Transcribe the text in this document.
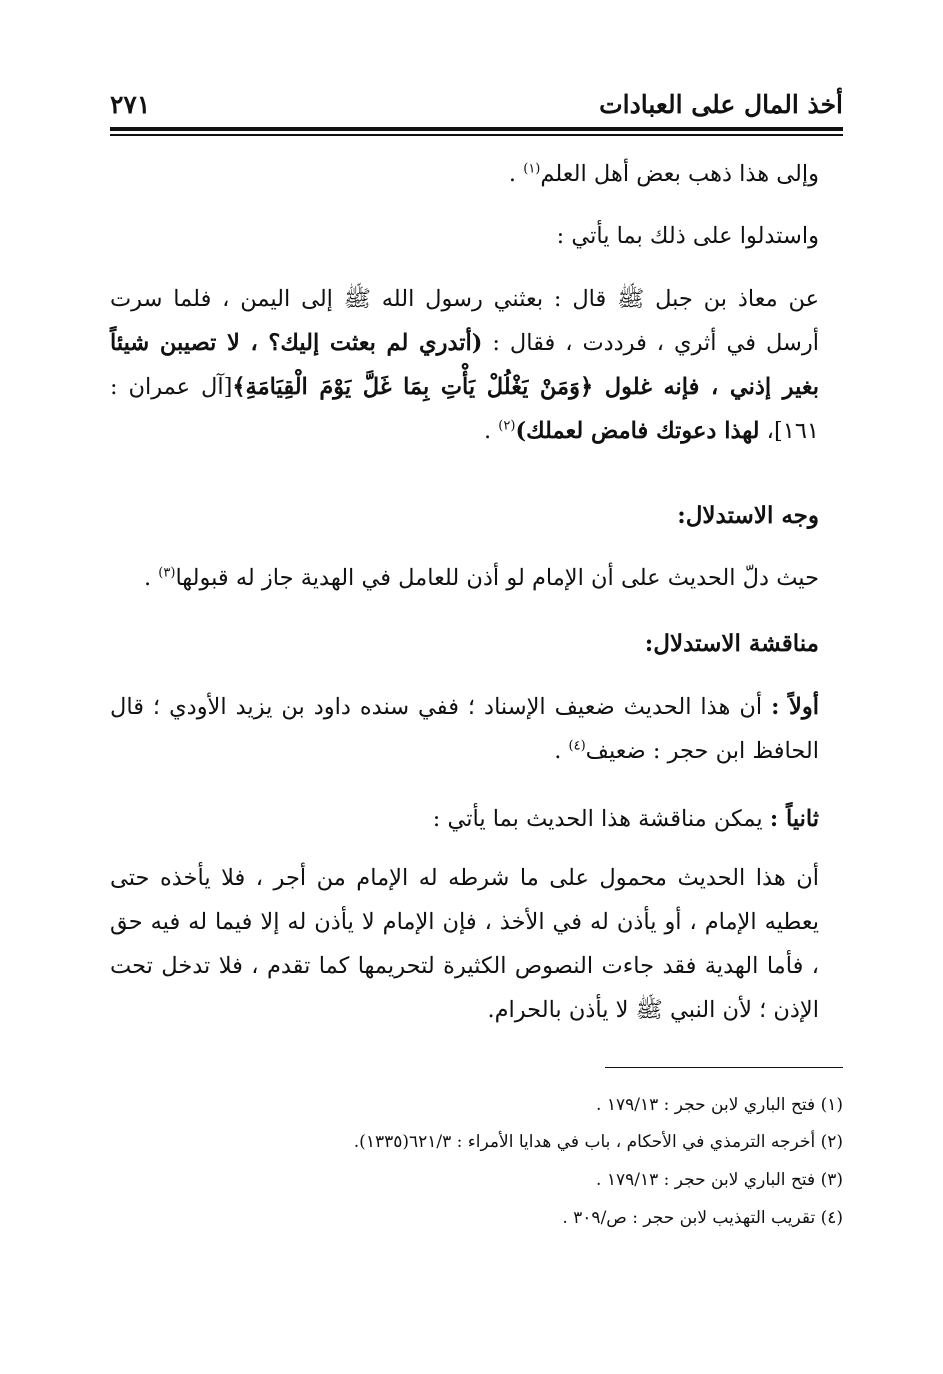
أخذ المال على العبادات
٢٧١
وإلى هذا ذهب بعض أهل العلم$^{(١)}$ .
واستدلوا على ذلك بما يأتي :
عن معاذ بن جبل ﷺ قال : بعثني رسول الله ﷺ إلى اليمن ، فلما سرت أرسل في أثري ، فرددت ، فقال : (أتدري لم بعثت إليك؟ ، لا تصيبن شيئاً بغير إذني ، فإنه غلول ﴿وَمَنْ يَغْلُلْ يَأْتِ بِمَا غَلَّ يَوْمَ الْقِيَامَةِ﴾[آل عمران : ١٦١]، لهذا دعوتك فامض لعملك)$^{(٢)}$ .
وجه الاستدلال:
حيث دلّ الحديث على أن الإمام لو أذن للعامل في الهدية جاز له قبولها$^{(٣)}$ .
مناقشة الاستدلال:
أولاً : أن هذا الحديث ضعيف الإسناد ؛ ففي سنده داود بن يزيد الأودي ؛ قال الحافظ ابن حجر : ضعيف$^{(٤)}$ .
ثانياً : يمكن مناقشة هذا الحديث بما يأتي :
أن هذا الحديث محمول على ما شرطه له الإمام من أجر ، فلا يأخذه حتى يعطيه الإمام ، أو يأذن له في الأخذ ، فإن الإمام لا يأذن له إلا فيما له فيه حق ، فأما الهدية فقد جاءت النصوص الكثيرة لتحريمها كما تقدم ، فلا تدخل تحت الإذن ؛ لأن النبي ﷺ لا يأذن بالحرام.
(١) فتح الباري لابن حجر : ١٧٩/١٣ .
(٢) أخرجه الترمذي في الأحكام ، باب في هدايا الأمراء : ٦٢١/٣(١٣٣٥).
(٣) فتح الباري لابن حجر : ١٧٩/١٣ .
(٤) تقريب التهذيب لابن حجر : ص/٣٠٩ .
